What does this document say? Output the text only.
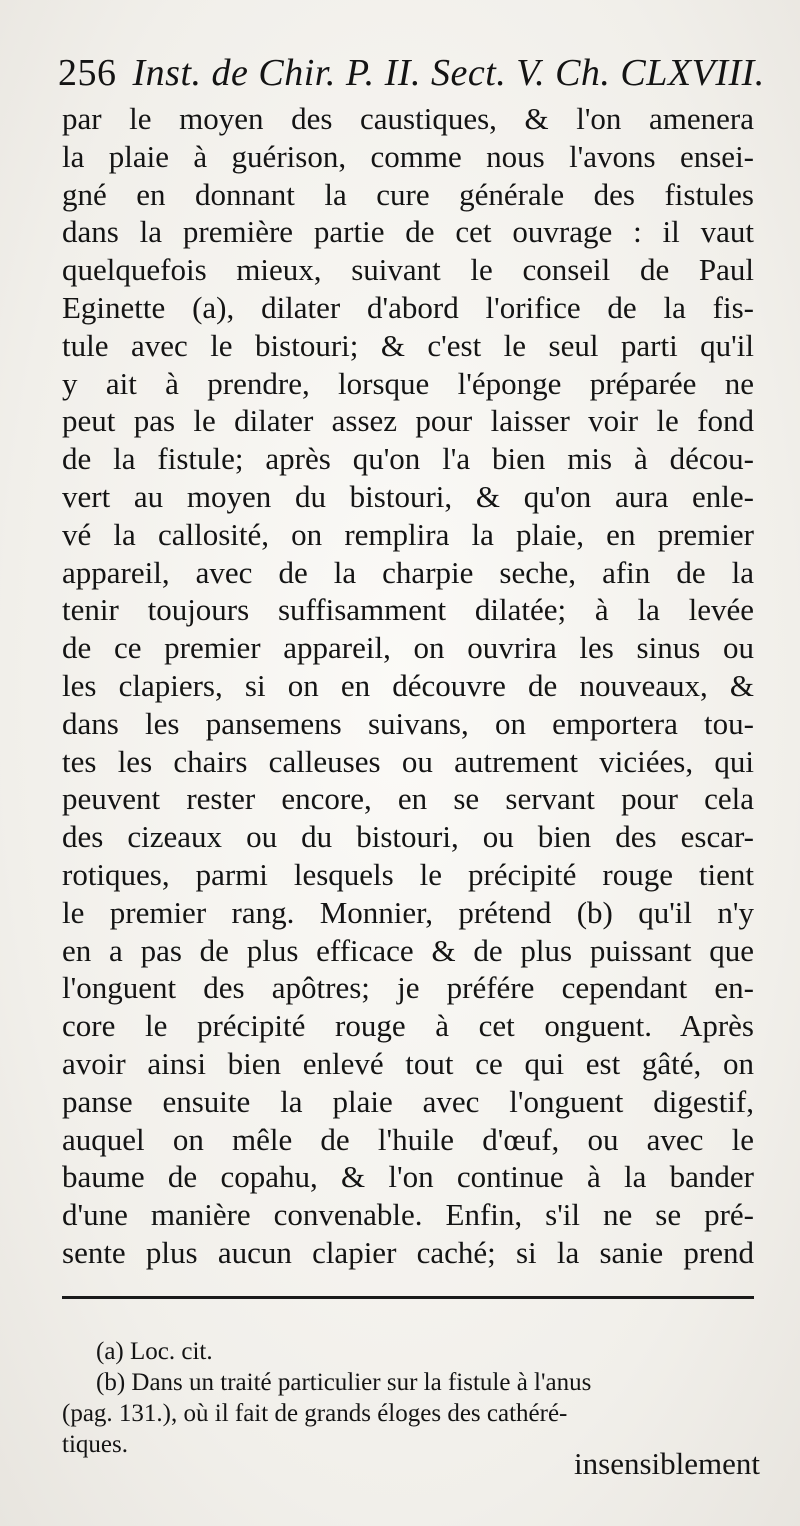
256 Inst. de Chir. P. II. Sect. V. Ch. CLXVIII.
par le moyen des caustiques, & l'on amenera
la plaie à guérison, comme nous l'avons ensei-
gné en donnant la cure générale des fistules
dans la première partie de cet ouvrage : il vaut
quelquefois mieux, suivant le conseil de Paul
Eginette (a), dilater d'abord l'orifice de la fis-
tule avec le bistouri; & c'est le seul parti qu'il
y ait à prendre, lorsque l'éponge préparée ne
peut pas le dilater assez pour laisser voir le fond
de la fistule; après qu'on l'a bien mis à décou-
vert au moyen du bistouri, & qu'on aura enle-
vé la callosité, on remplira la plaie, en premier
appareil, avec de la charpie seche, afin de la
tenir toujours suffisamment dilatée; à la levée
de ce premier appareil, on ouvrira les sinus ou
les clapiers, si on en découvre de nouveaux, &
dans les pansemens suivans, on emportera tou-
tes les chairs calleuses ou autrement viciées, qui
peuvent rester encore, en se servant pour cela
des cizeaux ou du bistouri, ou bien des escar-
rotiques, parmi lesquels le précipité rouge tient
le premier rang. Monnier, prétend (b) qu'il n'y
en a pas de plus efficace & de plus puissant que
l'onguent des apôtres; je préfére cependant en-
core le précipité rouge à cet onguent. Après
avoir ainsi bien enlevé tout ce qui est gâté, on
panse ensuite la plaie avec l'onguent digestif,
auquel on mêle de l'huile d'œuf, ou avec le
baume de copahu, & l'on continue à la bander
d'une manière convenable. Enfin, s'il ne se pré-
sente plus aucun clapier caché; si la sanie prend
(a) Loc. cit.
(b) Dans un traité particulier sur la fistule à l'anus
(pag. 131.), où il fait de grands éloges des cathéré-
tiques.
insensiblement
